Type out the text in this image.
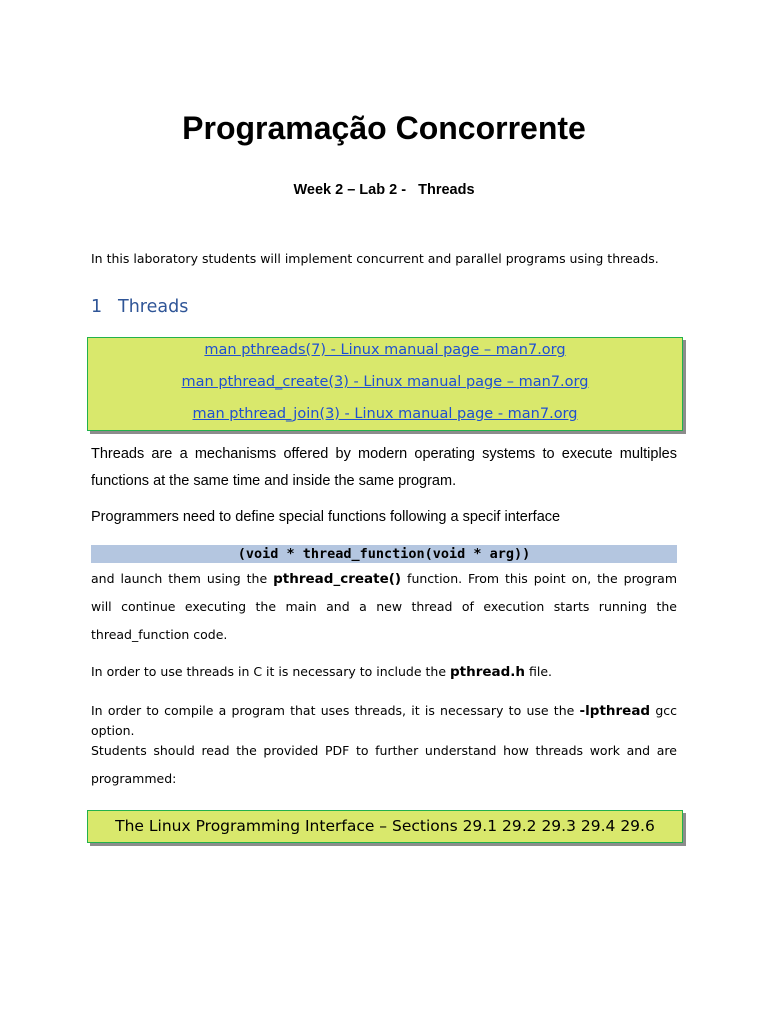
Programação Concorrente
Week 2 – Lab 2 -   Threads
In this laboratory students will implement concurrent and parallel programs using threads.
1 Threads
man pthreads(7) - Linux manual page – man7.org
man pthread_create(3) - Linux manual page – man7.org
man pthread_join(3) - Linux manual page - man7.org
Threads are a mechanisms offered by modern operating systems to execute multiples functions at the same time and inside the same program.
Programmers need to define special functions following a specif interface
(void * thread_function(void * arg))
and launch them using the pthread_create() function. From this point on, the program will continue executing the main and a new thread of execution starts running the thread_function code.
In order to use threads in C it is necessary to include the pthread.h file.
In order to compile a program that uses threads, it is necessary to use the -lpthread gcc option.
Students should read the provided PDF to further understand how threads work and are programmed:
The Linux Programming Interface – Sections 29.1 29.2 29.3 29.4 29.6
